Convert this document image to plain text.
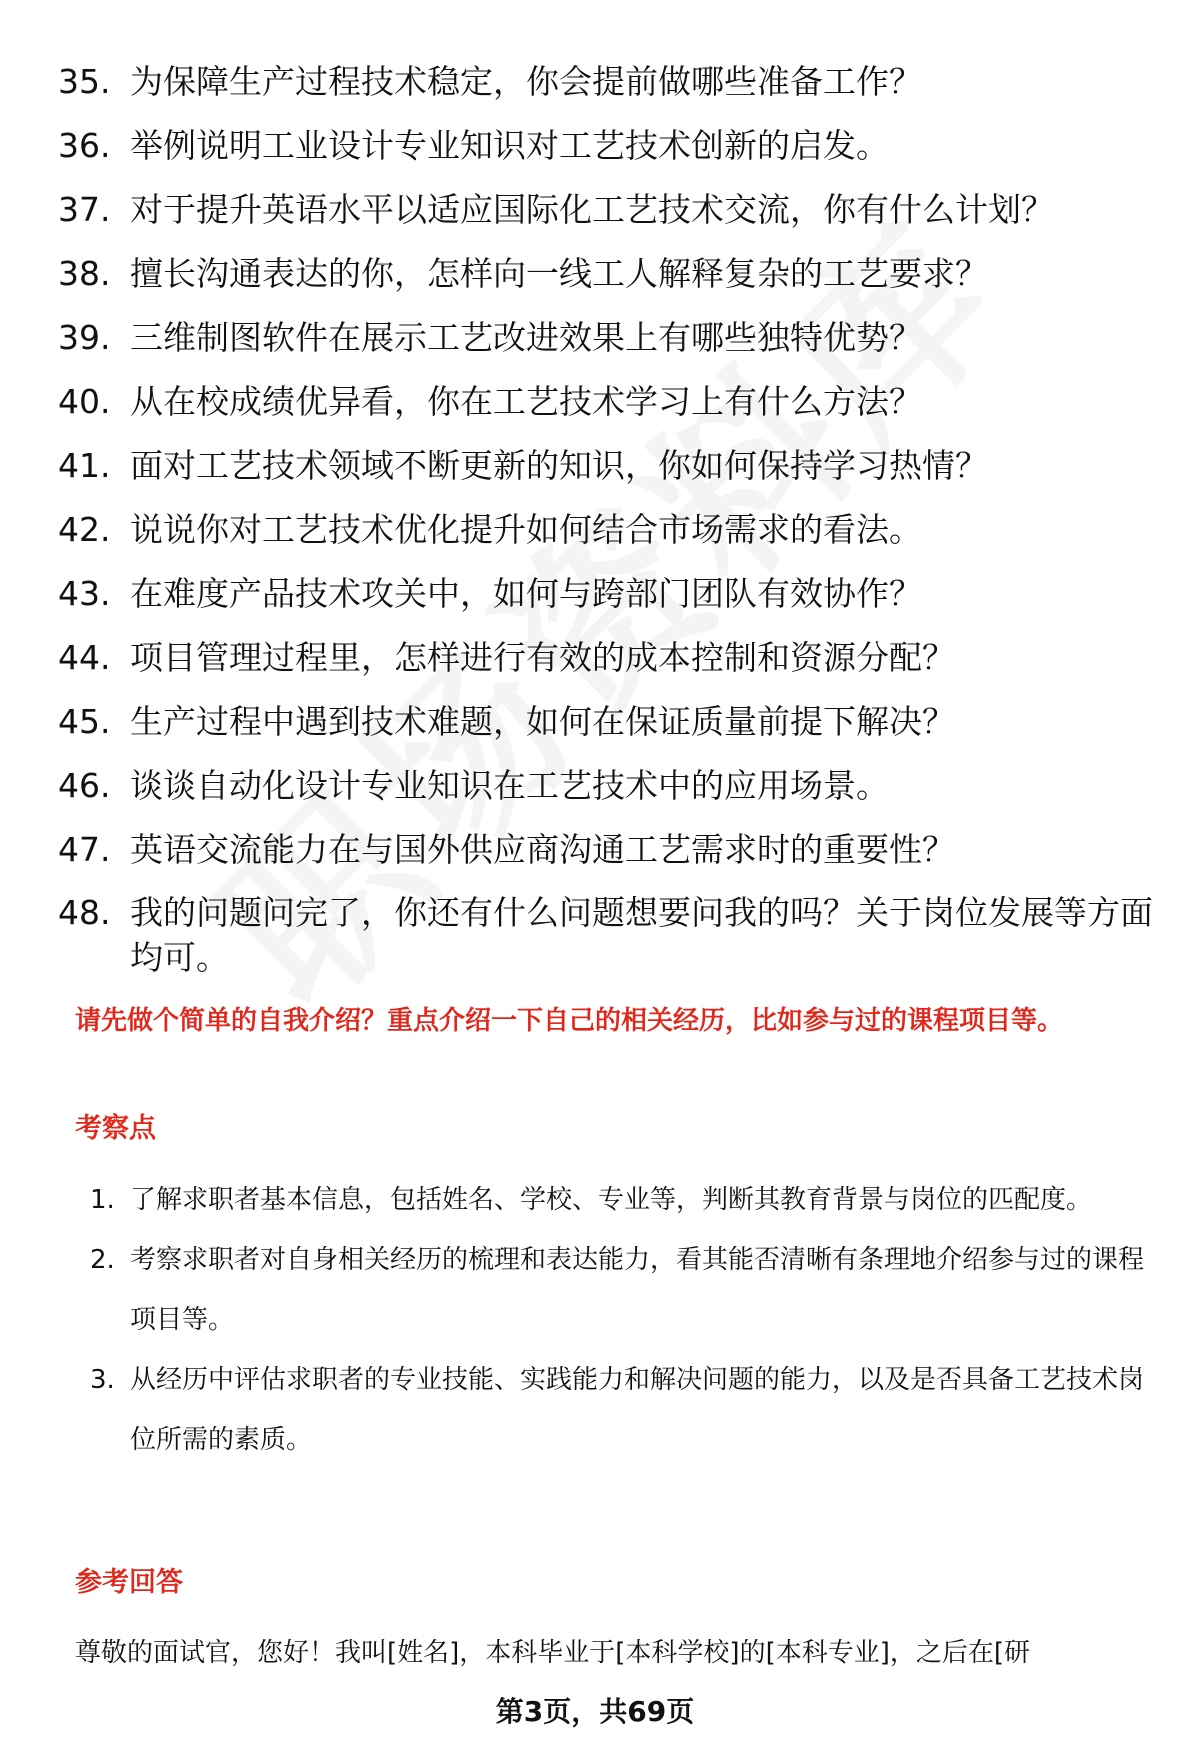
35. 为保障生产过程技术稳定，你会提前做哪些准备工作？
36. 举例说明工业设计专业知识对工艺技术创新的启发。
37. 对于提升英语水平以适应国际化工艺技术交流，你有什么计划？
38. 擅长沟通表达的你，怎样向一线工人解释复杂的工艺要求？
39. 三维制图软件在展示工艺改进效果上有哪些独特优势？
40. 从在校成绩优异看，你在工艺技术学习上有什么方法？
41. 面对工艺技术领域不断更新的知识，你如何保持学习热情？
42. 说说你对工艺技术优化提升如何结合市场需求的看法。
43. 在难度产品技术攻关中，如何与跨部门团队有效协作？
44. 项目管理过程里，怎样进行有效的成本控制和资源分配？
45. 生产过程中遇到技术难题，如何在保证质量前提下解决？
46. 谈谈自动化设计专业知识在工艺技术中的应用场景。
47. 英语交流能力在与国外供应商沟通工艺需求时的重要性？
48. 我的问题问完了，你还有什么问题想要问我的吗？关于岗位发展等方面均可。
请先做个简单的自我介绍？重点介绍一下自己的相关经历，比如参与过的课程项目等。
考察点
1. 了解求职者基本信息，包括姓名、学校、专业等，判断其教育背景与岗位的匹配度。
2. 考察求职者对自身相关经历的梳理和表达能力，看其能否清晰有条理地介绍参与过的课程项目等。
3. 从经历中评估求职者的专业技能、实践能力和解决问题的能力，以及是否具备工艺技术岗位所需的素质。
参考回答
尊敬的面试官，您好！我叫[姓名]，本科毕业于[本科学校]的[本科专业]，之后在[研
第3页，共69页
